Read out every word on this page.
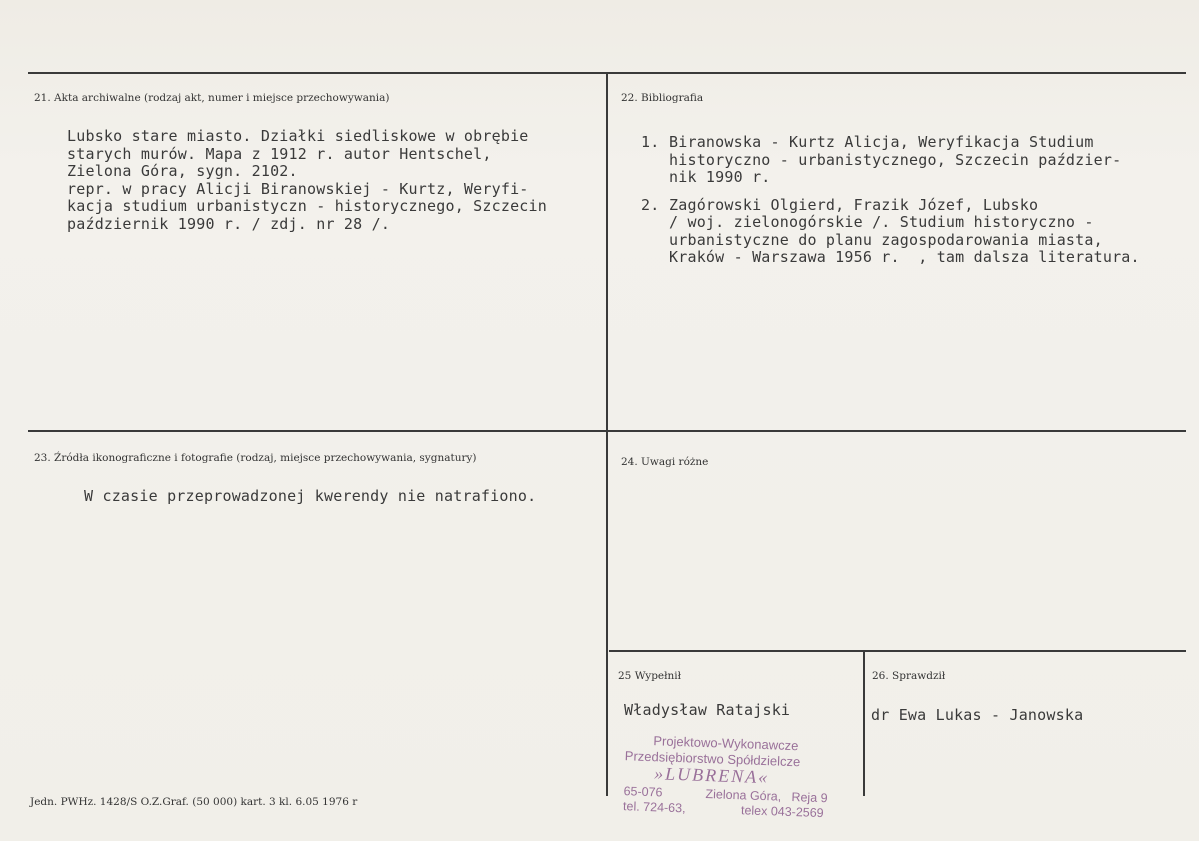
21. Akta archiwalne (rodzaj akt, numer i miejsce przechowywania)
Lubsko stare miasto. Działki siedliskowe w obrębie
starych murów. Mapa z 1912 r. autor Hentschel,
Zielona Góra, sygn. 2102.
repr. w pracy Alicji Biranowskiej - Kurtz, Weryfi-
kacja studium urbanistyczn - historycznego, Szczecin
październik 1990 r. / zdj. nr 28 /.
22. Bibliografia
1. Biranowska - Kurtz Alicja, Weryfikacja Studium
historyczno - urbanistycznego, Szczecin paździer-
nik 1990 r.
2. Zagórowski Olgierd, Frazik Józef, Lubsko
/ woj. zielonogórskie /. Studium historyczno -
urbanistyczne do planu zagospodarowania miasta,
Kraków - Warszawa 1956 r.  , tam dalsza literatura.
23. Źródła ikonograficzne i fotografie (rodzaj, miejsce przechowywania, sygnatury)
W czasie przeprowadzonej kwerendy nie natrafiono.
24. Uwagi różne
25 Wypełnił
Władysław Ratajski
26. Sprawdził
dr Ewa Lukas - Janowska
Projektowo-Wykonawcze
Przedsiębiorstwo Spółdzielcze
»LUBRENA«
65-076	Zielona Góra, Reja 9
tel. 724-63,	telex 043-2569
Jedn. PWHz. 1428/S O.Z.Graf. (50 000) kart. 3 kl. 6.05 1976 r
